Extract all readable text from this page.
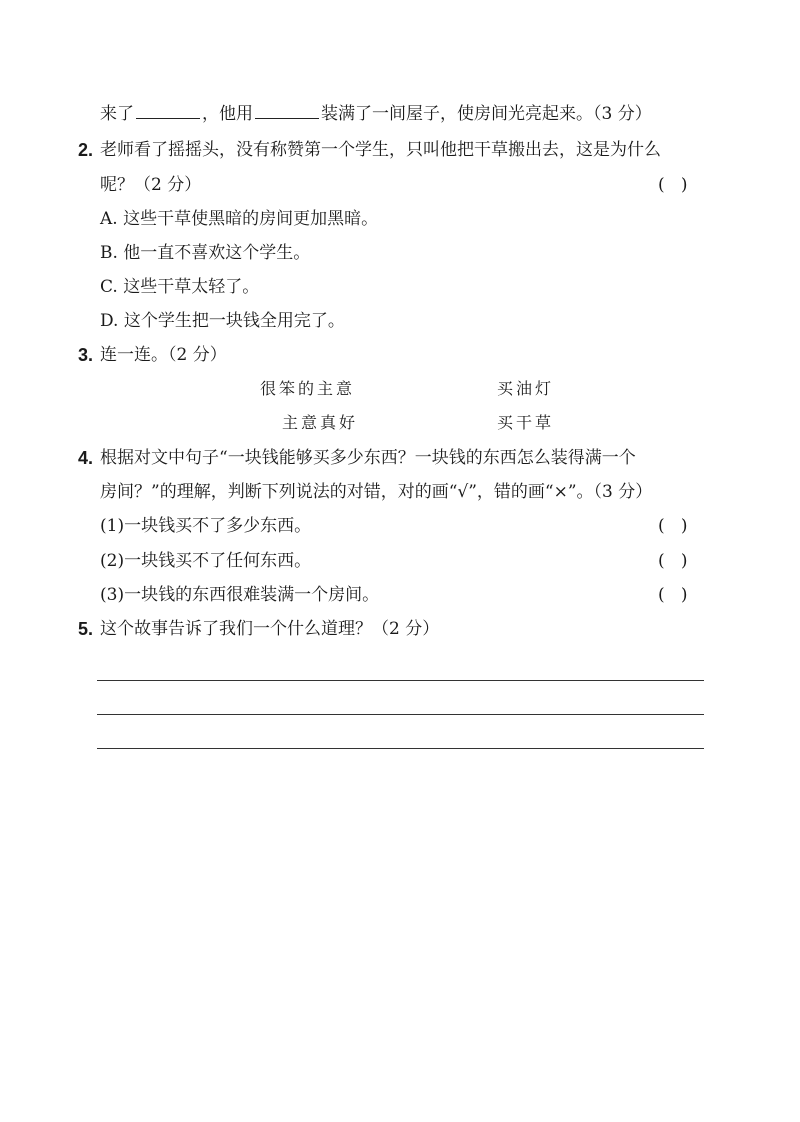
来了	，他用	装满了一间屋子，使房间光亮起来。（3 分）
2. 老师看了摇摇头，没有称赞第一个学生，只叫他把干草搬出去，这是为什么
呢？（2 分）	(   )
A. 这些干草使黑暗的房间更加黑暗。
B. 他一直不喜欢这个学生。
C. 这些干草太轻了。
D. 这个学生把一块钱全用完了。
3. 连一连。（2 分）
很笨的主意	买油灯
主意真好	买干草
4. 根据对文中句子“一块钱能够买多少东西？一块钱的东西怎么装得满一个
房间？”的理解，判断下列说法的对错，对的画“√”，错的画“×”。（3 分）
(1)一块钱买不了多少东西。	(   )
(2)一块钱买不了任何东西。	(   )
(3)一块钱的东西很难装满一个房间。	(   )
5. 这个故事告诉了我们一个什么道理？（2 分）
